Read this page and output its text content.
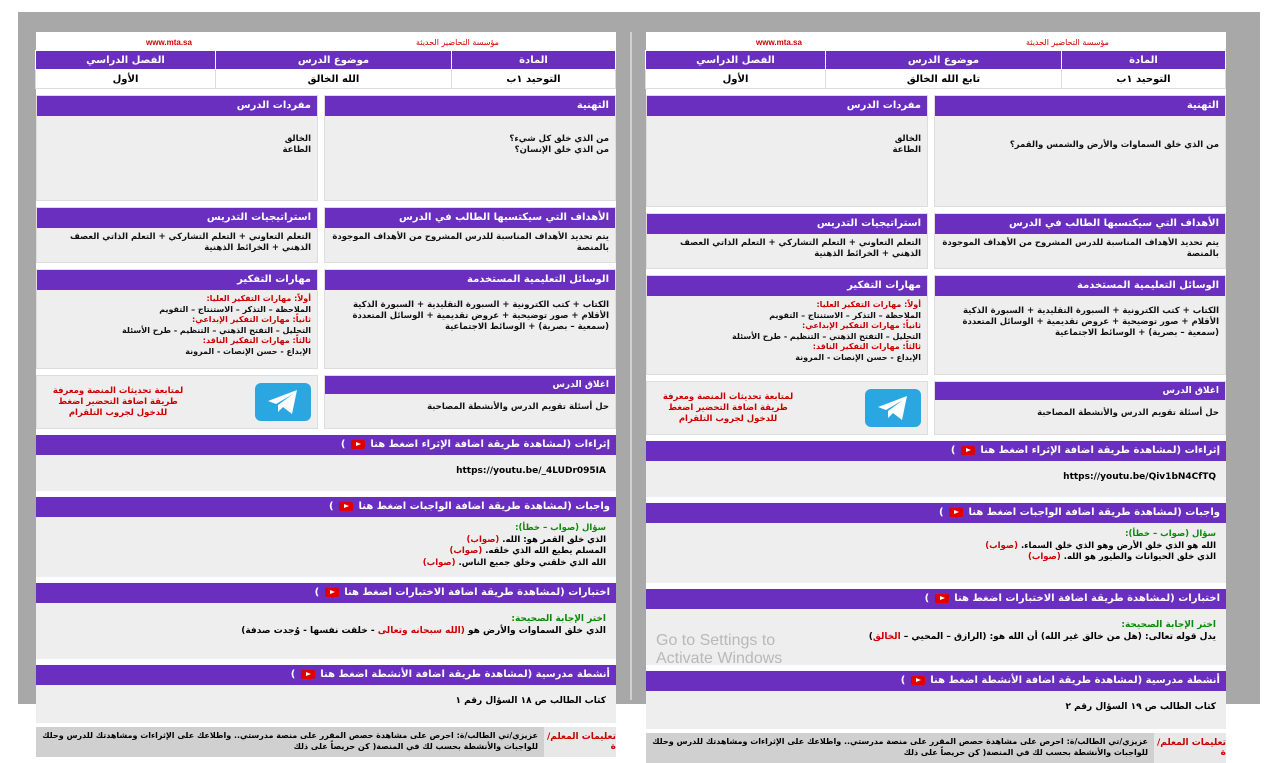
www.mta.sa	مؤسسة التحاضير الحديثة
المادة	موضوع الدرس	الفصل الدراسي
التوحيد ١ب	الله الخالق	الأول
التهنية
من الذي خلق كل شيء؟
من الذي خلق الإنسان؟
مفردات الدرس
الخالق
الطاعة
الأهداف التي سيكتسبها الطالب في الدرس
يتم تحديد الأهداف المناسبة للدرس المشروح من الأهداف الموجودة بالمنصة
استراتيجيات التدريس
التعلم التعاوني + التعلم التشاركي + التعلم الذاتي العصف الذهني + الخرائط الذهنية
الوسائل التعليمية المستخدمة
الكتاب + كتب الكترونية + السبورة التقليدية + السبورة الذكية الأقلام + صور توضيحية + عروض تقديمية + الوسائل المتعددة (سمعية – بصرية) + الوسائط الاجتماعية
مهارات التفكير
أولاً: مهارات التفكير العليا:
الملاحظة – التذكر – الاستنتاج – التقويم
ثانياً: مهارات التفكير الإبداعي:
التحليل – التفتح الذهني – التنظيم - طرح الأسئلة
ثالثاً: مهارات التفكير الناقد:
الإبداع - حسن الإنصات - المرونة
اغلاق الدرس
حل أسئلة تقويم الدرس والأنشطة المصاحبة
لمتابعة تحديثات المنصة ومعرفة طريقة اضافة التحضير اضغط للدخول لجروب التلقرام
إثراءات (لمشاهدة طريقة اضافة الإثراء اضغط هنا  )
https://youtu.be/_4LUDr095IA
واجبات (لمشاهدة طريقة اضافة الواجبات اضغط هنا  )
سؤال (صواب – خطأ):
الذي خلق القمر هو: الله. (صواب)
المسلم يطيع الله الذي خلقه. (صواب)
الله الذي خلقني وخلق جميع الناس. (صواب)
اختبارات (لمشاهدة طريقة اضافة الاختبارات اضغط هنا  )
اختر الإجابة الصحيحة:
الذي خلق السماوات والأرض هو (الله سبحانه وتعالى - خلقت نفسها - وُجدت صدفة)
أنشطة مدرسية (لمشاهدة طريقة اضافة الأنشطة اضغط هنا  )
كتاب الطالب ص ١٨ السؤال رقم ١
تعليمات المعلم/ة
عزيزي/تي الطالب/ة: احرص على مشاهدة حصص المقرر على منصة مدرستي.. واطلاعك على الإثراءات ومشاهدتك للدرس وحلك للواجبات والأنشطة بحسب لك في المنصة( كن حريصاً على ذلك
www.mta.sa	مؤسسة التحاضير الحديثة
المادة	موضوع الدرس	الفصل الدراسي
التوحيد ١ب	تابع الله الخالق	الأول
التهنية
من الذي خلق السماوات والأرض والشمس والقمر؟
مفردات الدرس
الخالق
الطاعة
الأهداف التي سيكتسبها الطالب في الدرس
يتم تحديد الأهداف المناسبة للدرس المشروح من الأهداف الموجودة بالمنصة
استراتيجيات التدريس
التعلم التعاوني + التعلم التشاركي + التعلم الذاتي العصف الذهني + الخرائط الذهنية
الوسائل التعليمية المستخدمة
الكتاب + كتب الكترونية + السبورة التقليدية + السبورة الذكية الأقلام + صور توضيحية + عروض تقديمية + الوسائل المتعددة (سمعية – بصرية) + الوسائط الاجتماعية
مهارات التفكير
أولاً: مهارات التفكير العليا:
الملاحظة – التذكر – الاستنتاج – التقويم
ثانياً: مهارات التفكير الإبداعي:
التحليل – التفتح الذهني – التنظيم - طرح الأسئلة
ثالثاً: مهارات التفكير الناقد:
الإبداع - حسن الإنصات - المرونة
اغلاق الدرس
حل أسئلة تقويم الدرس والأنشطة المصاحبة
لمتابعة تحديثات المنصة ومعرفة طريقة اضافة التحضير اضغط للدخول لجروب التلقرام
إثراءات (لمشاهدة طريقة اضافة الإثراء اضغط هنا  )
https://youtu.be/Qiv1bN4CfTQ
واجبات (لمشاهدة طريقة اضافة الواجبات اضغط هنا  )
سؤال (صواب – خطأ):
الله هو الذي خلق الأرض وهو الذي خلق السماء. (صواب)
الذي خلق الحيوانات والطيور هو الله. (صواب)
اختبارات (لمشاهدة طريقة اضافة الاختبارات اضغط هنا  )
اختر الإجابة الصحيحة:
يدل قوله تعالى: (هل من خالق غير الله) أن الله هو: (الرازق – المحيي – الخالق)
أنشطة مدرسية (لمشاهدة طريقة اضافة الأنشطة اضغط هنا  )
كتاب الطالب ص ١٩ السؤال رقم ٢
تعليمات المعلم/ة
عزيزي/تي الطالب/ة: احرص على مشاهدة حصص المقرر على منصة مدرستي.. واطلاعك على الإثراءات ومشاهدتك للدرس وحلك للواجبات والأنشطة بحسب لك في المنصة( كن حريصاً على ذلك
Go to Settings to
Activate Windows
